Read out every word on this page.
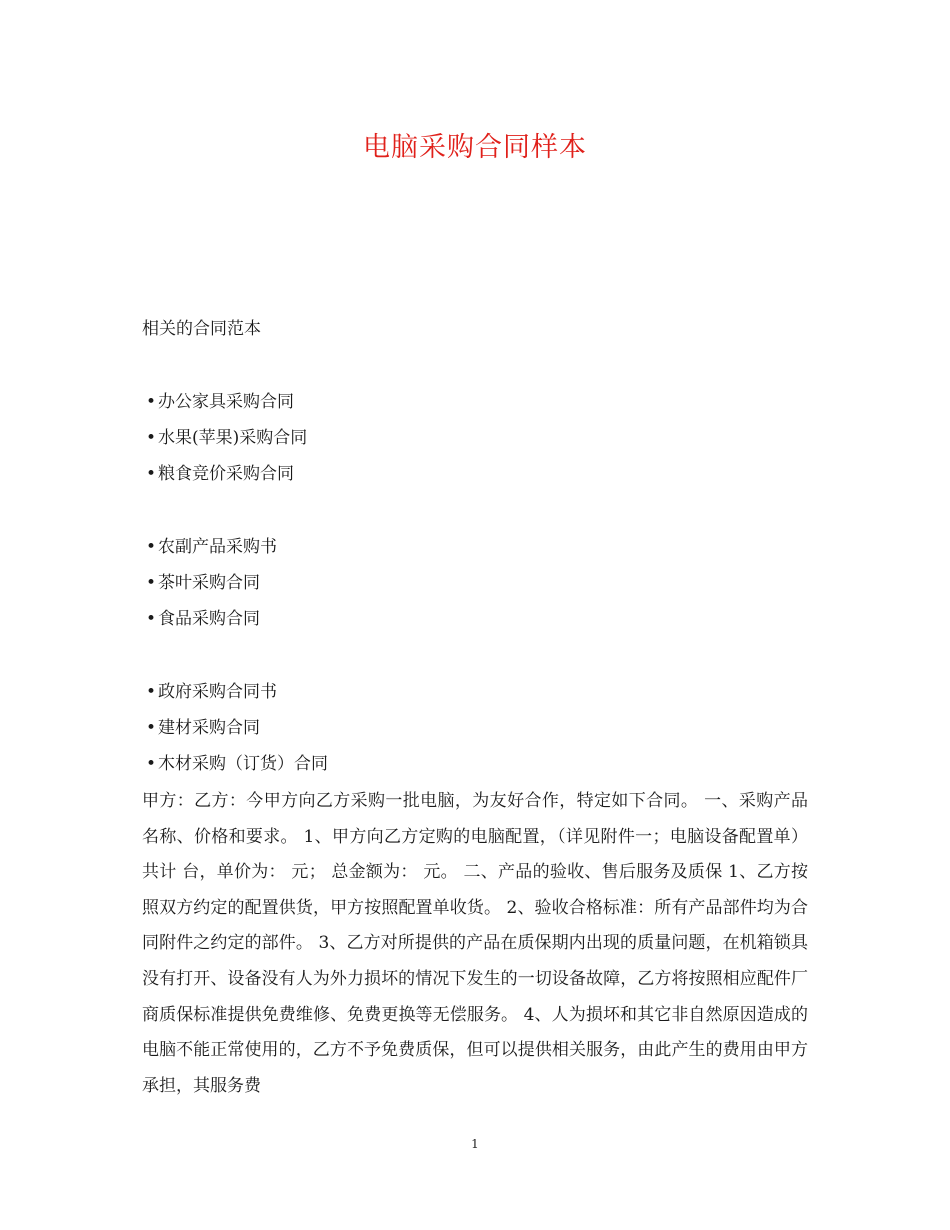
电脑采购合同样本
相关的合同范本
• 办公家具采购合同
• 水果(苹果)采购合同
• 粮食竞价采购合同
• 农副产品采购书
• 茶叶采购合同
• 食品采购合同
• 政府采购合同书
• 建材采购合同
• 木材采购（订货）合同

甲方：乙方：今甲方向乙方采购一批电脑，为友好合作，特定如下合同。 一、采购产品名称、价格和要求。 1、甲方向乙方定购的电脑配置，（详见附件一；电脑设备配置单）共计 台，单价为： 元； 总金额为： 元。 二、产品的验收、售后服务及质保 1、乙方按照双方约定的配置供货，甲方按照配置单收货。 2、验收合格标准：所有产品部件均为合同附件之约定的部件。 3、乙方对所提供的产品在质保期内出现的质量问题，在机箱锁具没有打开、设备没有人为外力损坏的情况下发生的一切设备故障，乙方将按照相应配件厂商质保标准提供免费维修、免费更换等无偿服务。 4、人为损坏和其它非自然原因造成的电脑不能正常使用的，乙方不予免费质保，但可以提供相关服务，由此产生的费用由甲方承担，其服务费

1
